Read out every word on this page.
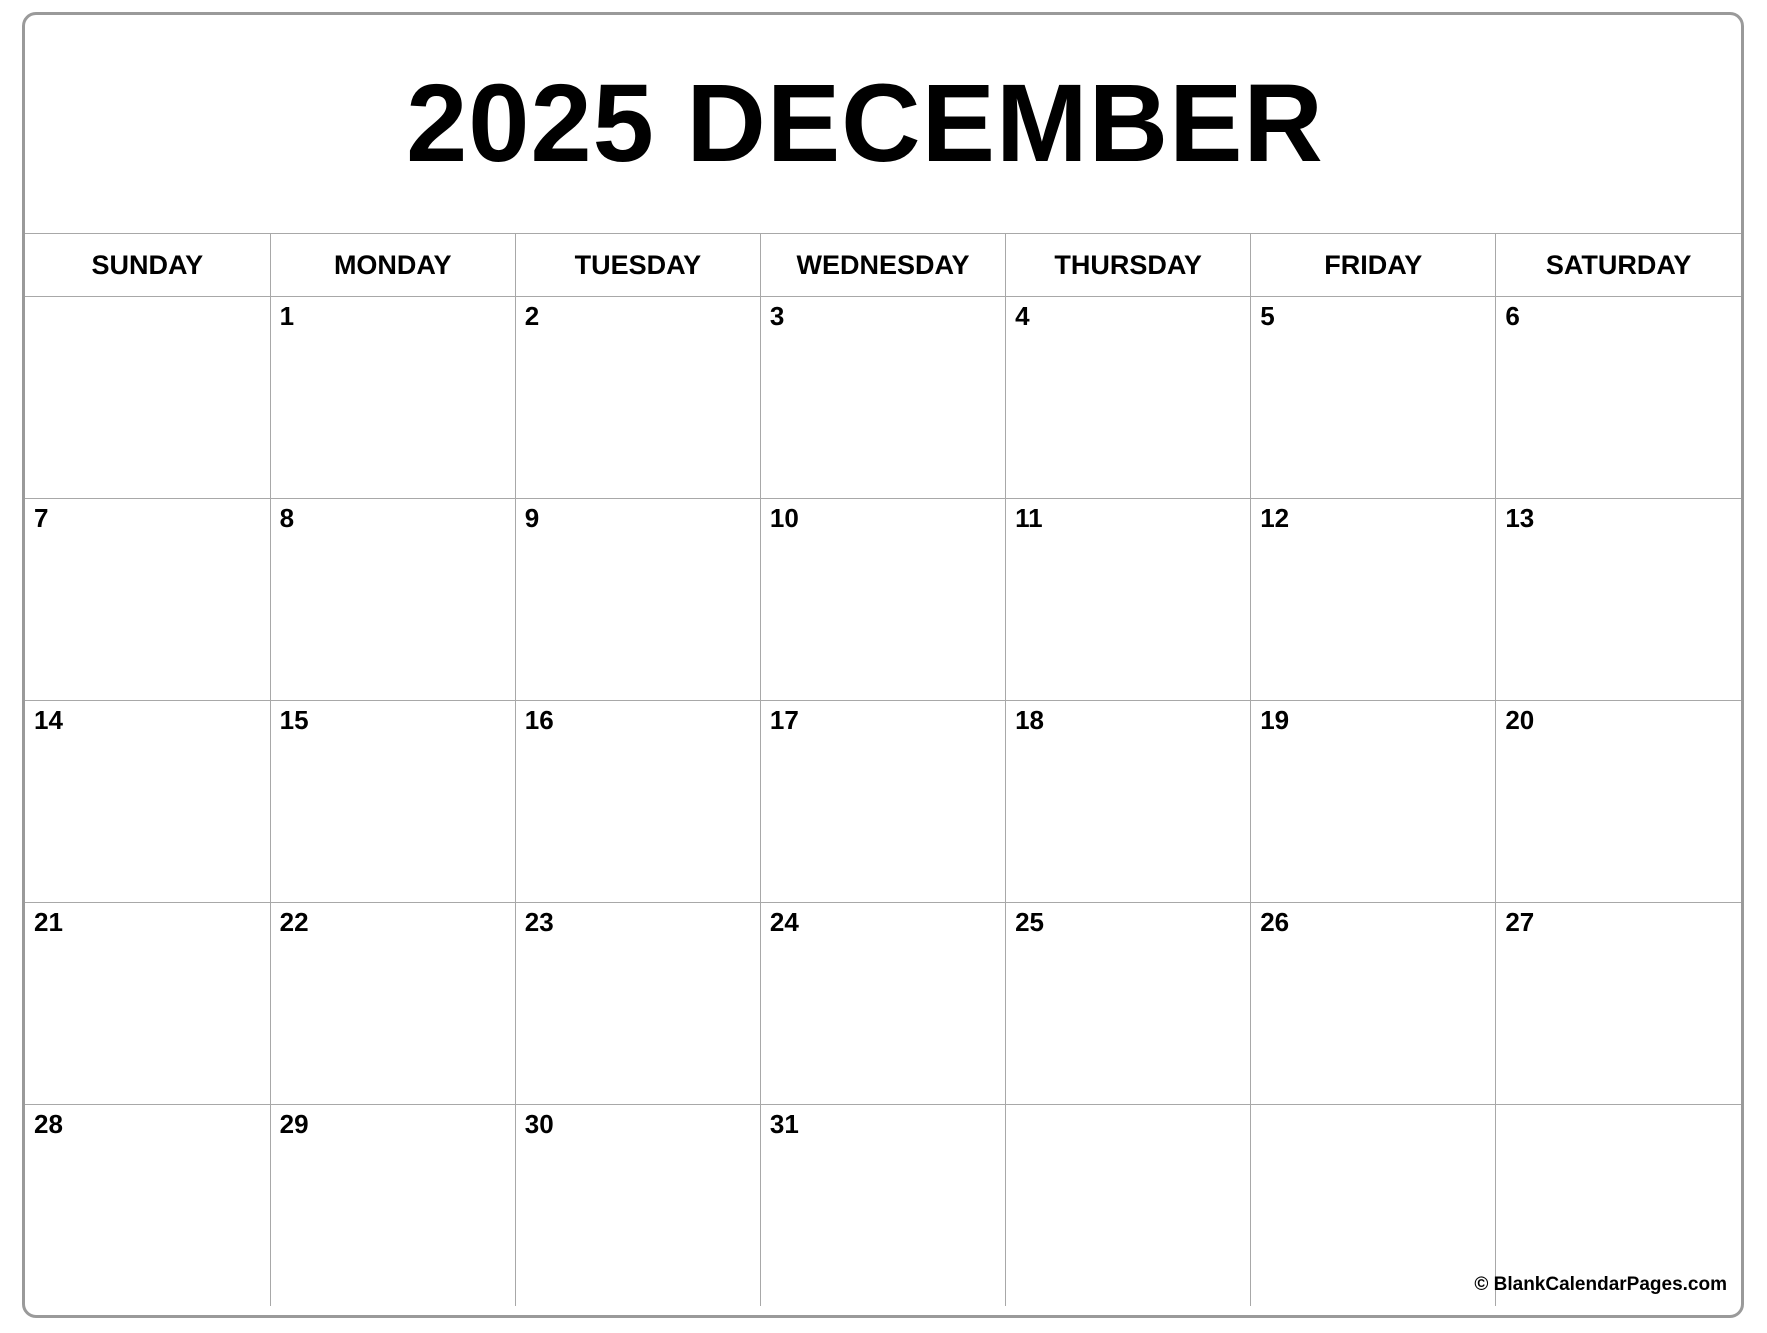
2025 DECEMBER
SUNDAY	MONDAY	TUESDAY	WEDNESDAY	THURSDAY	FRIDAY	SATURDAY

	1	2	3	4	5	6

7	8	9	10	11	12	13

14	15	16	17	18	19	20

21	22	23	24	25	26	27

28	29	30	31			© BlankCalendarPages.com
